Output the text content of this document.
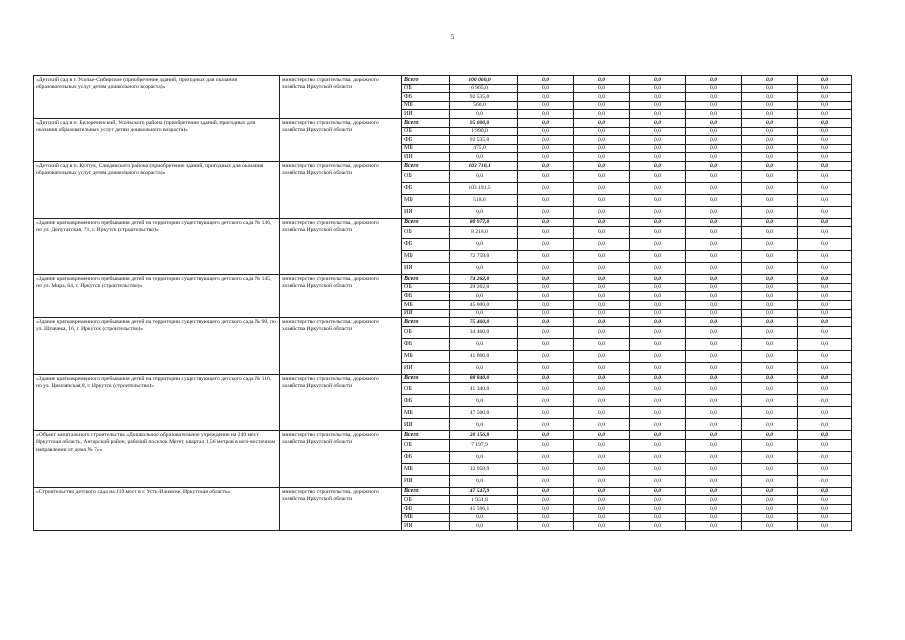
5
«Детский сад в г. Усолье-Сибирское (приобретение зданий, пригодных для оказания образовательных услуг детям дошкольного возраста)»	министерство строительства, дорожного хозяйства Иркутской области	Всего	100 060,0	0,0	0,0	0,0	0,0	0,0	0,0
		ОБ	6 965,0	0,0	0,0	0,0	0,0	0,0	0,0
		ФБ	92 535,0	0,0	0,0	0,0	0,0	0,0	0,0
		МБ	560,0	0,0	0,0	0,0	0,0	0,0	0,0
		ИИ	0,0	0,0	0,0	0,0	0,0	0,0	0,0
«Детский сад в п. Белореченский, Усольского района (приобретение зданий, пригодных для оказания образовательных услуг детям дошкольного возраста)»	министерство строительства, дорожного хозяйства Иркутской области	Всего	95 000,0	0,0	0,0	0,0	0,0	0,0	0,0
		ОБ	1 990,0	0,0	0,0	0,0	0,0	0,0	0,0
		ФБ	92 535,0	0,0	0,0	0,0	0,0	0,0	0,0
		МБ	475,0	0,0	0,0	0,0	0,0	0,0	0,0
		ИИ	0,0	0,0	0,0	0,0	0,0	0,0	0,0
«Детский сад в п. Култук, Слюдянского района (приобретение зданий, пригодных для оказания образовательных услуг детям дошкольного возраста)»	министерство строительства, дорожного хозяйства Иркутской области	Всего	103 710,1	0,0	0,0	0,0	0,0	0,0	0,0
		ОБ	0,0	0,0	0,0	0,0	0,0	0,0	0,0
		ФБ	103 191,5	0,0	0,0	0,0	0,0	0,0	0,0
		МБ	518,6	0,0	0,0	0,0	0,0	0,0	0,0
		ИИ	0,0	0,0	0,0	0,0	0,0	0,0	0,0
«Здание кратковременного пребывания детей на территории существующего детского сада № 136, по ул. Депутатская, 71, г. Иркутск (строительство)»	министерство строительства, дорожного хозяйства Иркутской области	Всего	80 977,0	0,0	0,0	0,0	0,0	0,0	0,0
		ОБ	8 218,0	0,0	0,0	0,0	0,0	0,0	0,0
		ФБ	0,0	0,0	0,0	0,0	0,0	0,0	0,0
		МБ	72 759,0	0,0	0,0	0,0	0,0	0,0	0,0
		ИИ	0,0	0,0	0,0	0,0	0,0	0,0	0,0
«Здание кратковременного пребывания детей на территории существующего детского сада № 145, по ул. Мира, 64, г. Иркутск (строительство)»	министерство строительства, дорожного хозяйства Иркутской области	Всего	74 262,0	0,0	0,0	0,0	0,0	0,0	0,0
		ОБ	29 262,0	0,0	0,0	0,0	0,0	0,0	0,0
		ФБ	0,0	0,0	0,0	0,0	0,0	0,0	0,0
		МБ	45 000,0	0,0	0,0	0,0	0,0	0,0	0,0
		ИИ	0,0	0,0	0,0	0,0	0,0	0,0	0,0
«Здание кратковременного пребывания детей на территории существующего детского сада № 90, по ул. Шпачека, 16, г. Иркутск (строительство)»	министерство строительства, дорожного хозяйства Иркутской области	Всего	75 460,0	0,0	0,0	0,0	0,0	0,0	0,0
		ОБ	34 460,0	0,0	0,0	0,0	0,0	0,0	0,0
		ФБ	0,0	0,0	0,0	0,0	0,0	0,0	0,0
		МБ	41 000,0	0,0	0,0	0,0	0,0	0,0	0,0
		ИИ	0,0	0,0	0,0	0,0	0,0	0,0	0,0
«Здание кратковременного пребывания детей на территории существующего детского сада № 116, по ул. Цимлянская,8, г. Иркутск (строительство)»	министерство строительства, дорожного хозяйства Иркутской области	Всего	88 840,0	0,0	0,0	0,0	0,0	0,0	0,0
		ОБ	41 340,0	0,0	0,0	0,0	0,0	0,0	0,0
		ФБ	0,0	0,0	0,0	0,0	0,0	0,0	0,0
		МБ	47 500,0	0,0	0,0	0,0	0,0	0,0	0,0
		ИИ	0,0	0,0	0,0	0,0	0,0	0,0	0,0
«Объект капитального строительства «Дошкольное образовательное учреждение на 240 мест Иркутская область, Ангарский район, рабочий поселок Мегет, квартал 1,56 метров в юго-восточном направлении от дома № 7»»	министерство строительства, дорожного хозяйства Иркутской области	Всего	20 156,8	0,0	0,0	0,0	0,0	0,0	0,0
		ОБ	7 197,9	0,0	0,0	0,0	0,0	0,0	0,0
		ФБ	0,0	0,0	0,0	0,0	0,0	0,0	0,0
		МБ	12 958,9	0,0	0,0	0,0	0,0	0,0	0,0
		ИИ	0,0	0,0	0,0	0,0	0,0	0,0	0,0
«Строительство детского сада на 110 мест в г. Усть-Илимске, Иркутская область»	министерство строительства, дорожного хозяйства Иркутской области	Всего	47 547,9	0,0	0,0	0,0	0,0	0,0	0,0
		ОБ	1 951,8	0,0	0,0	0,0	0,0	0,0	0,0
		ФБ	45 596,1	0,0	0,0	0,0	0,0	0,0	0,0
		МБ	0,0	0,0	0,0	0,0	0,0	0,0	0,0
		ИИ	0,0	0,0	0,0	0,0	0,0	0,0	0,0
